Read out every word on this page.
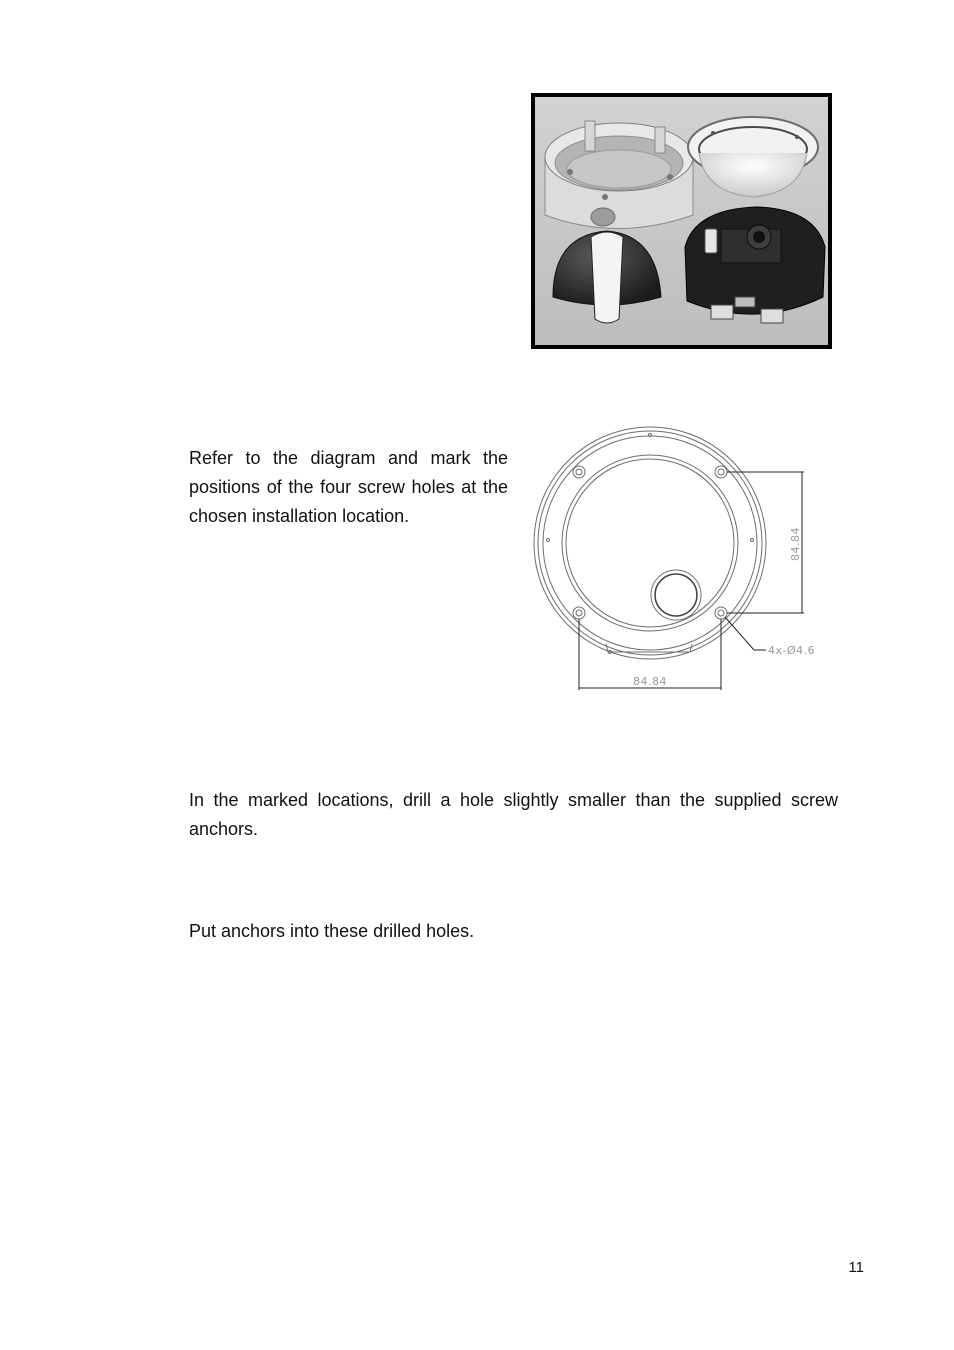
Refer to the diagram and mark the positions of the four screw holes at the chosen installation location.

84.84
84.84
4x-Ø4.6

In the marked locations, drill a hole slightly smaller than the supplied screw anchors.

Put anchors into these drilled holes.

11
